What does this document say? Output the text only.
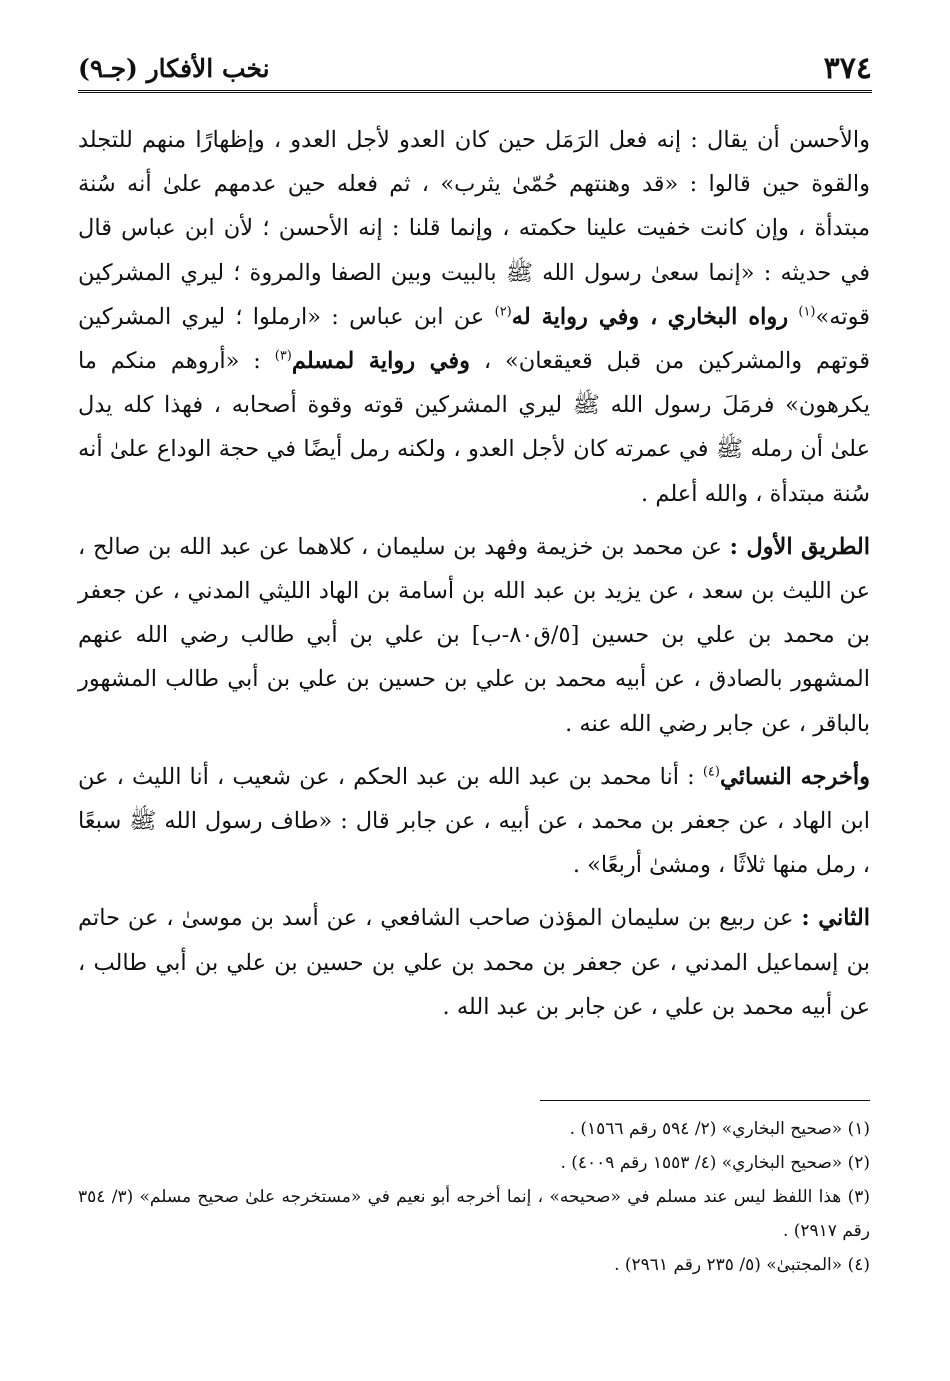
٣٧٤
نخب الأفكار (جـ٩)

والأحسن أن يقال : إنه فعل الرَمَل حين كان العدو لأجل العدو ، وإظهارًا منهم للتجلد والقوة حين قالوا : «قد وهنتهم حُمّىٰ يثرب» ، ثم فعله حين عدمهم علىٰ أنه سُنة مبتدأة ، وإن كانت خفيت علينا حكمته ، وإنما قلنا : إنه الأحسن ؛ لأن ابن عباس قال في حديثه : «إنما سعىٰ رسول الله ﷺ بالبيت وبين الصفا والمروة ؛ ليري المشركين قوته»$^{(١)}$ رواه البخاري ، وفي رواية له$^{(٢)}$ عن ابن عباس : «ارملوا ؛ ليري المشركين قوتهم والمشركين من قبل قعيقعان» ، وفي رواية لمسلم$^{(٣)}$ : «أروهم منكم ما يكرهون» فرمَلَ رسول الله ﷺ ليري المشركين قوته وقوة أصحابه ، فهذا كله يدل علىٰ أن رمله ﷺ في عمرته كان لأجل العدو ، ولكنه رمل أيضًا في حجة الوداع علىٰ أنه سُنة مبتدأة ، والله أعلم .

الطريق الأول : عن محمد بن خزيمة وفهد بن سليمان ، كلاهما عن عبد الله بن صالح ، عن الليث بن سعد ، عن يزيد بن عبد الله بن أسامة بن الهاد الليثي المدني ، عن جعفر بن محمد بن علي بن حسين [٥/ق٨٠-ب] بن علي بن أبي طالب رضي الله عنهم المشهور بالصادق ، عن أبيه محمد بن علي بن حسين بن علي بن أبي طالب المشهور بالباقر ، عن جابر رضي الله عنه .

وأخرجه النسائي$^{(٤)}$ : أنا محمد بن عبد الله بن عبد الحكم ، عن شعيب ، أنا الليث ، عن ابن الهاد ، عن جعفر بن محمد ، عن أبيه ، عن جابر قال : «طاف رسول الله ﷺ سبعًا ، رمل منها ثلاثًا ، ومشىٰ أربعًا» .

الثاني : عن ربيع بن سليمان المؤذن صاحب الشافعي ، عن أسد بن موسىٰ ، عن حاتم بن إسماعيل المدني ، عن جعفر بن محمد بن علي بن حسين بن علي بن أبي طالب ، عن أبيه محمد بن علي ، عن جابر بن عبد الله .

(١) «صحيح البخاري» (٢/ ٥٩٤ رقم ١٥٦٦) .

(٢) «صحيح البخاري» (٤/ ١٥٥٣ رقم ٤٠٠٩) .

(٣) هذا اللفظ ليس عند مسلم في «صحيحه» ، إنما أخرجه أبو نعيم في «مستخرجه علىٰ صحيح مسلم» (٣/ ٣٥٤ رقم ٢٩١٧) .

(٤) «المجتبىٰ» (٥/ ٢٣٥ رقم ٢٩٦١) .
